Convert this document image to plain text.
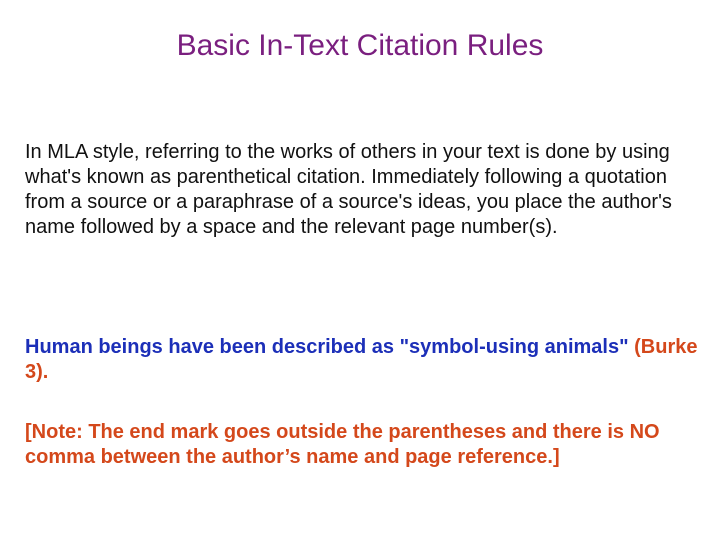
Basic In-Text Citation Rules

In MLA style, referring to the works of others in your text is done by using what's known as parenthetical citation. Immediately following a quotation from a source or a paraphrase of a source's ideas, you place the author's name followed by a space and the relevant page number(s).

Human beings have been described as "symbol-using animals" (Burke 3).

[Note: The end mark goes outside the parentheses and there is NO comma between the author’s name and page reference.]
